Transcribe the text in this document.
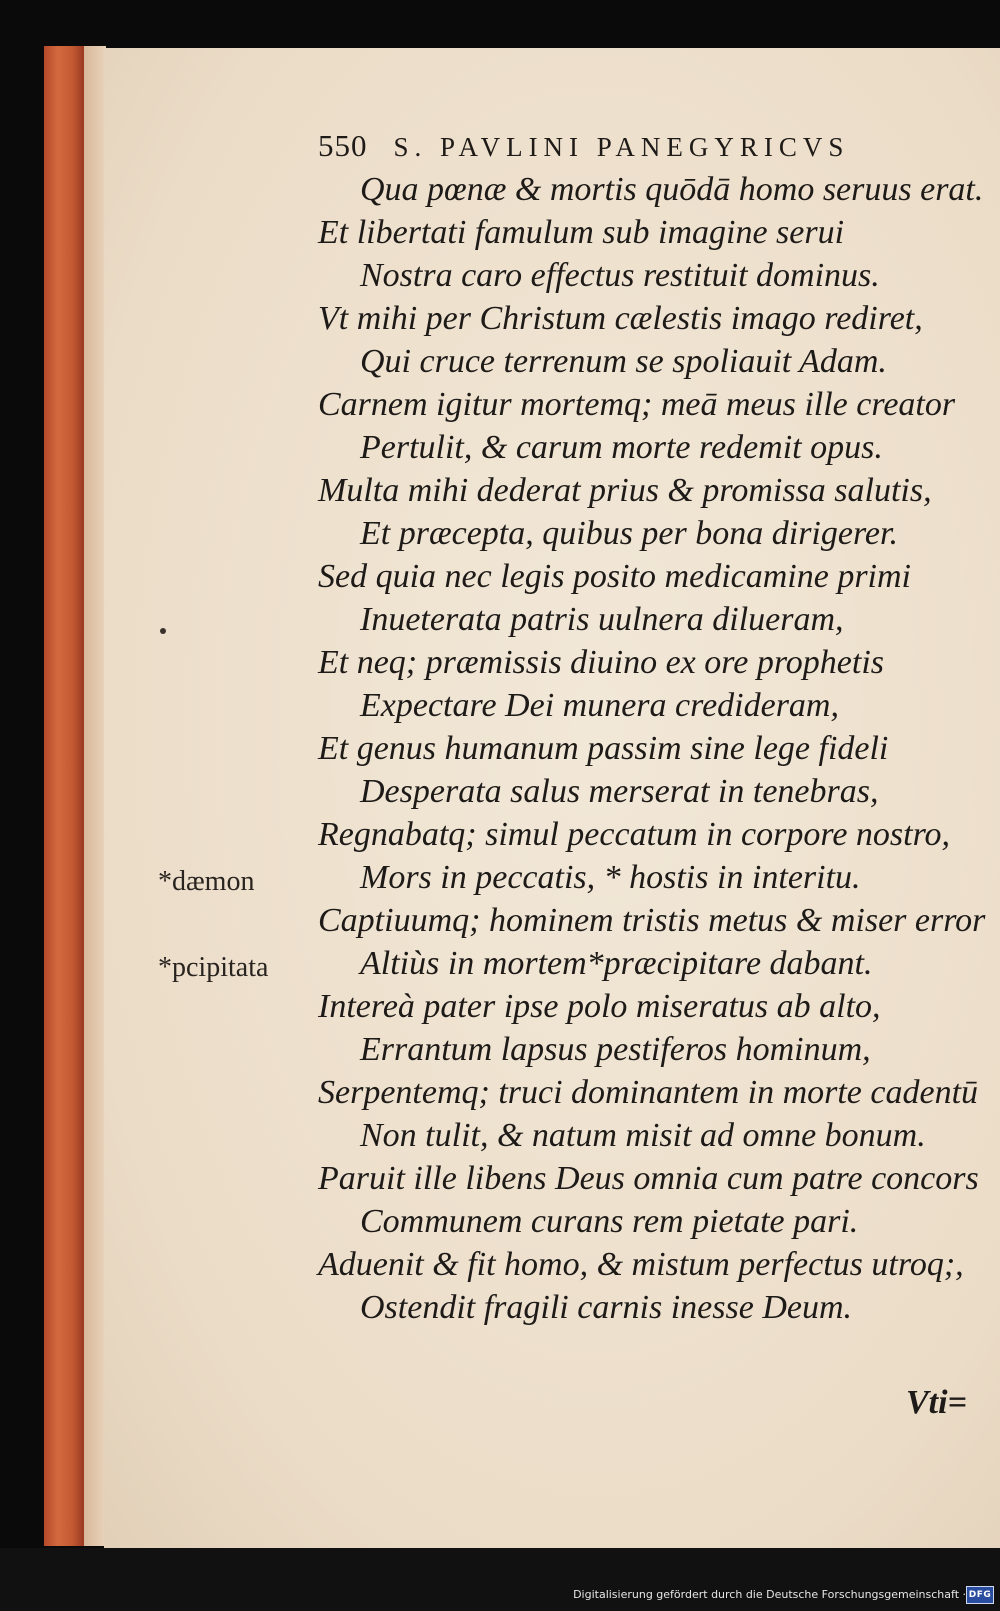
550 S. PAVLINI PANEGYRICVS
Qua pœnæ & mortis quōdā homo seruus erat.
Et libertati famulum sub imagine serui
Nostra caro effectus restituit dominus.
Vt mihi per Christum cælestis imago rediret,
Qui cruce terrenum se spoliauit Adam.
Carnem igitur mortemq; meā meus ille creator
Pertulit, & carum morte redemit opus.
Multa mihi dederat prius & promissa salutis,
Et præcepta, quibus per bona dirigerer.
Sed quia nec legis posito medicamine primi
Inueterata patris uulnera dilueram,
Et neq; præmissis diuino ex ore prophetis
Expectare Dei munera credideram,
Et genus humanum passim sine lege fideli
Desperata salus merserat in tenebras,
Regnabatq; simul peccatum in corpore nostro,
Mors in peccatis, * hostis in interitu.
Captiuumq; hominem tristis metus & miser error
Altiùs in mortem*præcipitare dabant.
Intereà pater ipse polo miseratus ab alto,
Errantum lapsus pestiferos hominum,
Serpentemq; truci dominantem in morte cadentū
Non tulit, & natum misit ad omne bonum.
Paruit ille libens Deus omnia cum patre concors
Communem curans rem pietate pari.
Aduenit & fit homo, & mistum perfectus utroq;,
Ostendit fragili carnis inesse Deum.
*dæmon
*pcipitata
Vti=
Digitalisierung gefördert durch die Deutsche Forschungsgemeinschaft · DFG
